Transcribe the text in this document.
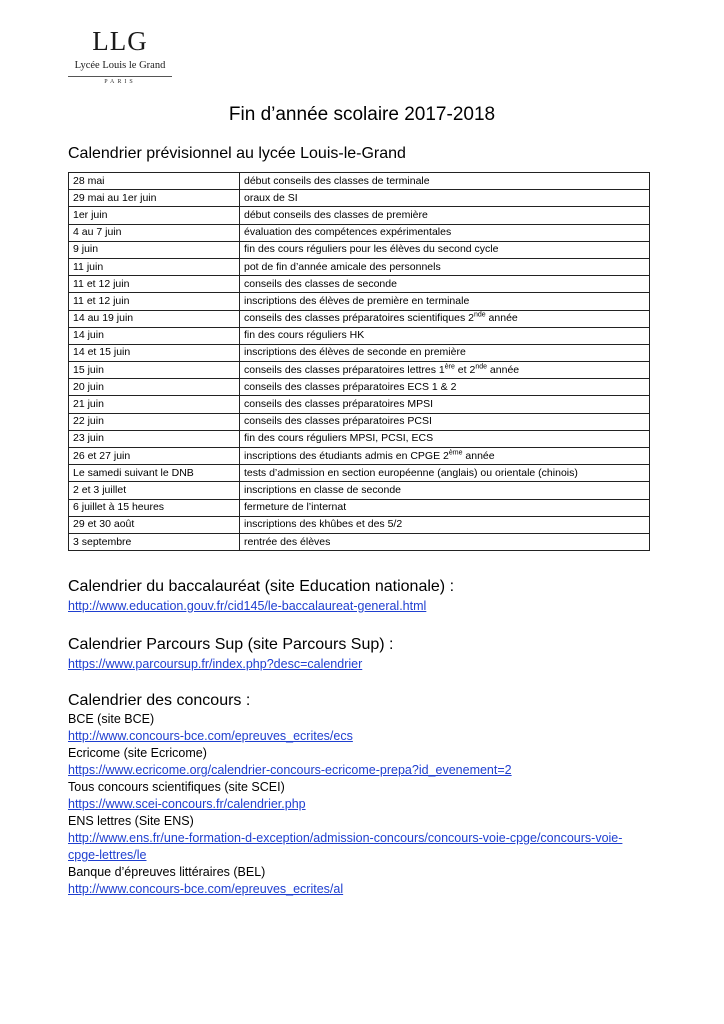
LLG
Lycée Louis le Grand
PARIS
Fin d’année scolaire 2017-2018
Calendrier prévisionnel au lycée Louis-le-Grand
28 mai	début conseils des classes de terminale
29 mai au 1er juin	oraux de SI
1er juin	début conseils des classes de première
4 au 7 juin	évaluation des compétences expérimentales
9 juin	fin des cours réguliers pour les élèves du second cycle
11 juin	pot de fin d’année amicale des personnels
11 et 12 juin	conseils des classes de seconde
11 et 12 juin	inscriptions des élèves de première en terminale
14 au 19 juin	conseils des classes préparatoires scientifiques 2nde année
14 juin	fin des cours réguliers HK
14 et 15 juin	inscriptions des élèves de seconde en première
15 juin	conseils des classes préparatoires lettres 1ère et 2nde année
20 juin	conseils des classes préparatoires ECS 1 & 2
21 juin	conseils des classes préparatoires MPSI
22 juin	conseils des classes préparatoires PCSI
23 juin	fin des cours réguliers MPSI, PCSI, ECS
26 et 27 juin	inscriptions des étudiants admis en CPGE 2ème année
Le samedi suivant le DNB	tests d’admission en section européenne (anglais) ou orientale (chinois)
2 et 3 juillet	inscriptions en classe de seconde
6 juillet à 15 heures	fermeture de l’internat
29 et 30 août	inscriptions des khûbes et des 5/2
3 septembre	rentrée des élèves
Calendrier du baccalauréat (site Education nationale) :
http://www.education.gouv.fr/cid145/le-baccalaureat-general.html
Calendrier Parcours Sup (site Parcours Sup) :
https://www.parcoursup.fr/index.php?desc=calendrier
Calendrier des concours :
BCE (site BCE)
http://www.concours-bce.com/epreuves_ecrites/ecs
Ecricome (site Ecricome)
https://www.ecricome.org/calendrier-concours-ecricome-prepa?id_evenement=2
Tous concours scientifiques (site SCEI)
https://www.scei-concours.fr/calendrier.php
ENS lettres (Site ENS)
http://www.ens.fr/une-formation-d-exception/admission-concours/concours-voie-cpge/concours-voie-
cpge-lettres/le
Banque d’épreuves littéraires (BEL)
http://www.concours-bce.com/epreuves_ecrites/al
